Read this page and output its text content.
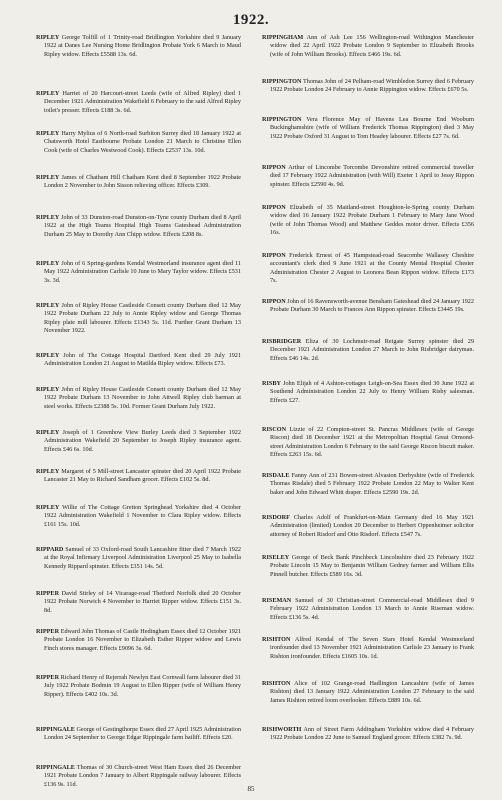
1922.
RIPLEY George Tolfill of 1 Trinity-road Bridlington Yorkshire died 9 January 1922 at Danes Lee Nursing Home Bridlington Probate York 6 March to Maud Ripley widow. Effects £5588 13s. 6d.
RIPLEY Harriet of 20 Harcourt-street Leeds (wife of Alfred Ripley) died 1 December 1921 Administration Wakefield 6 February to the said Alfred Ripley toilet's presser. Effects £188 3s. 6d.
RIPLEY Harry Mylius of 6 North-road Surbiton Surrey died 18 January 1922 at Chatsworth Hotel Eastbourne Probate London 21 March to Christine Ellen Cook (wife of Charles Westwood Cook). Effects £2537 13s. 10d.
RIPLEY James of Chatham Hill Chatham Kent died 8 September 1922 Probate London 2 November to John Sisson relieving officer. Effects £309.
RIPLEY John of 33 Dunston-road Dunston-on-Tyne county Durham died 8 April 1922 at the High Teams Hospital High Teams Gateshead Administration Durham 25 May to Dorothy Ann Chipp widow. Effects £208 8s.
RIPLEY John of 6 Spring-gardens Kendal Westmorland insurance agent died 11 May 1922 Administration Carlisle 10 June to Mary Taylor widow. Effects £531 3s. 3d.
RIPLEY John of Ripley House Castleside Consett county Durham died 12 May 1922 Probate Durham 22 July to Annie Ripley widow and George Thomas Ripley plate mill labourer. Effects £1343 5s. 11d. Further Grant Durham 13 November 1922.
RIPLEY John of The Cottage Hospital Dartford Kent died 29 July 1921 Administration London 21 August to Matilda Ripley widow. Effects £73.
RIPLEY John of Ripley House Castleside Consett county Durham died 12 May 1922 Probate Durham 13 November to John Attwell Ripley club barman at steel works. Effects £2388 5s. 10d. Former Grant Durham July 1922.
RIPLEY Joseph of 1 Greenhow View Burley Leeds died 3 September 1922 Administration Wakefield 20 September to Joseph Ripley insurance agent. Effects £46 6s. 10d.
RIPLEY Margaret of 5 Mill-street Lancaster spinster died 20 April 1922 Probate Lancaster 21 May to Richard Sandham grocer. Effects £102 5s. 8d.
RIPLEY Willie of The Cottage Gretton Springhead Yorkshire died 4 October 1922 Administration Wakefield 1 November to Clara Ripley widow. Effects £161 15s. 10d.
RIPPARD Samuel of 33 Oxford-road South Lancashire fitter died 7 March 1922 at the Royal Infirmary Liverpool Administration Liverpool 25 May to Isabella Kennedy Rippard spinster. Effects £351 14s. 5d.
RIPPER David Stirley of 14 Vicarage-road Thetford Norfolk died 20 October 1922 Probate Norwich 4 November to Harriet Ripper widow. Effects £151 3s. 8d.
RIPPER Edward John Thomas of Castle Hedingham Essex died 12 October 1921 Probate London 16 November to Elizabeth Esther Ripper widow and Lewis Finch stores manager. Effects £9096 3s. 6d.
RIPPER Richard Henry of Rejerrah Newlyn East Cornwall farm labourer died 31 July 1922 Probate Bodmin 19 August to Ellen Ripper (wife of William Henry Ripper). Effects £402 10s. 3d.
RIPPINGALE George of Gestingthorpe Essex died 27 April 1925 Administration London 24 September to George Edgar Rippingale farm bailiff. Effects £20.
RIPPINGALE Thomas of 30 Church-street West Ham Essex died 26 December 1921 Probate London 7 January to Albert Rippingale railway labourer. Effects £136 9s. 11d.
RIPPINGHAM Ann of Ash Lee 156 Wellington-road Withington Manchester widow died 22 April 1922 Probate London 9 September to Elizabeth Brooks (wife of John William Brooks). Effects £466 19s. 6d.
RIPPINGTON Thomas John of 24 Pelham-road Wimbledon Surrey died 6 February 1922 Probate London 24 February to Annie Rippington widow. Effects £670 5s.
RIPPINGTON Vera Florence May of Havens Lea Bourne End Wooburn Buckinghamshire (wife of William Frederick Thomas Rippington) died 3 May 1922 Probate Oxford 31 August to Tom Headey labourer. Effects £27 7s. 6d.
RIPPON Arthur of Lincombe Torcombe Devonshire retired commercial traveller died 17 February 1922 Administration (with Will) Exeter 1 April to Jessy Rippon spinster. Effects £2590 4s. 9d.
RIPPON Elizabeth of 35 Maitland-street Houghton-le-Spring county Durham widow died 16 January 1922 Probate Durham 1 February to Mary Jane Wood (wife of John Thomas Wood) and Matthew Geddes motor driver. Effects £356 16s.
RIPPON Frederick Ernest of 45 Hampstead-road Seacombe Wallasey Cheshire accountant's clerk died 9 June 1921 at the County Mental Hospital Chester Administration Chester 2 August to Leonora Bean Rippon widow. Effects £173 7s.
RIPPON John of 16 Ravensworth-avenue Bensham Gateshead died 24 January 1922 Probate Durham 30 March to Frances Ann Rippon spinster. Effects £3445 19s.
RISBRIDGER Eliza of 30 Lochmuir-road Reigate Surrey spinster died 29 December 1921 Administration London 27 March to John Risbridger dairyman. Effects £46 14s. 2d.
RISBY John Elijah of 4 Ashton-cottages Leigh-on-Sea Essex died 30 June 1922 at Southend Administration London 22 July to Henry William Risby salesman. Effects £27.
RISCON Lizzie of 22 Compton-street St. Pancras Middlesex (wife of George Riscon) died 18 December 1921 at the Metropolitan Hospital Great Ormond-street Administration London 6 February to the said George Riscon biscuit maker. Effects £263 15s. 6d.
RISDALE Fanny Ann of 231 Bowen-street Alvaston Derbyshire (wife of Frederick Thomas Risdale) died 5 February 1922 Probate London 22 May to Walter Kent baker and John Edward Whitt draper. Effects £2590 19s. 2d.
RISDORF Charles Adolf of Frankfurt-on-Main Germany died 16 May 1921 Administration (limited) London 20 December to Herbert Oppenheimer solicitor attorney of Robert Risdorf and Otto Risdorf. Effects £547 7s.
RISELEY George of Beck Bank Pinchbeck Lincolnshire died 23 February 1922 Probate Lincoln 15 May to Benjamin William Gedney farmer and William Ellis Pinnell butcher. Effects £589 16s. 3d.
RISEMAN Samuel of 30 Christian-street Commercial-road Middlesex died 9 February 1922 Administration London 13 March to Annie Riseman widow. Effects £136 5s. 4d.
RISHTON Alfred Kendal of The Seven Stars Hotel Kendal Westmorland ironfounder died 13 November 1921 Administration Carlisle 23 January to Frank Rishton ironfounder. Effects £1605 10s. 1d.
RISHTON Alice of 102 Grange-road Hadlington Lancashire (wife of James Rishton) died 13 January 1922 Administration London 27 February to the said James Rishton retired loom overlooker. Effects £889 10s. 6d.
RISHWORTH Ann of Street Farm Addingham Yorkshire widow died 4 February 1922 Probate London 22 June to Samuel England grocer. Effects £382 7s. 9d.
85
